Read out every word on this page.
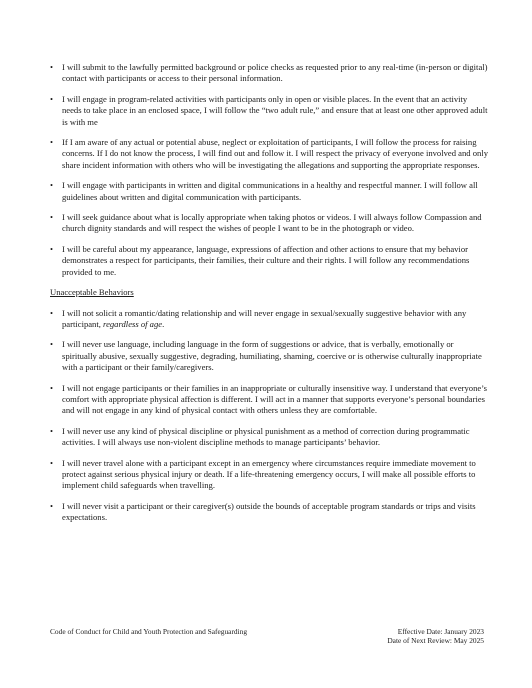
• I will submit to the lawfully permitted background or police checks as requested prior to any real-time (in-person or digital) contact with participants or access to their personal information.
• I will engage in program-related activities with participants only in open or visible places. In the event that an activity needs to take place in an enclosed space, I will follow the “two adult rule,” and ensure that at least one other approved adult is with me
• If I am aware of any actual or potential abuse, neglect or exploitation of participants, I will follow the process for raising concerns. If I do not know the process, I will find out and follow it. I will respect the privacy of everyone involved and only share incident information with others who will be investigating the allegations and supporting the appropriate responses.
• I will engage with participants in written and digital communications in a healthy and respectful manner. I will follow all guidelines about written and digital communication with participants.
• I will seek guidance about what is locally appropriate when taking photos or videos. I will always follow Compassion and church dignity standards and will respect the wishes of people I want to be in the photograph or video.
• I will be careful about my appearance, language, expressions of affection and other actions to ensure that my behavior demonstrates a respect for participants, their families, their culture and their rights. I will follow any recommendations provided to me.
Unacceptable Behaviors
• I will not solicit a romantic/dating relationship and will never engage in sexual/sexually suggestive behavior with any participant, regardless of age.
• I will never use language, including language in the form of suggestions or advice, that is verbally, emotionally or spiritually abusive, sexually suggestive, degrading, humiliating, shaming, coercive or is otherwise culturally inappropriate with a participant or their family/caregivers.
• I will not engage participants or their families in an inappropriate or culturally insensitive way. I understand that everyone’s comfort with appropriate physical affection is different. I will act in a manner that supports everyone’s personal boundaries and will not engage in any kind of physical contact with others unless they are comfortable.
• I will never use any kind of physical discipline or physical punishment as a method of correction during programmatic activities. I will always use non-violent discipline methods to manage participants’ behavior.
• I will never travel alone with a participant except in an emergency where circumstances require immediate movement to protect against serious physical injury or death. If a life-threatening emergency occurs, I will make all possible efforts to implement child safeguards when travelling.
• I will never visit a participant or their caregiver(s) outside the bounds of acceptable program standards or trips and visits expectations.
Code of Conduct for Child and Youth Protection and Safeguarding	Effective Date: January 2023
Date of Next Review: May 2025
